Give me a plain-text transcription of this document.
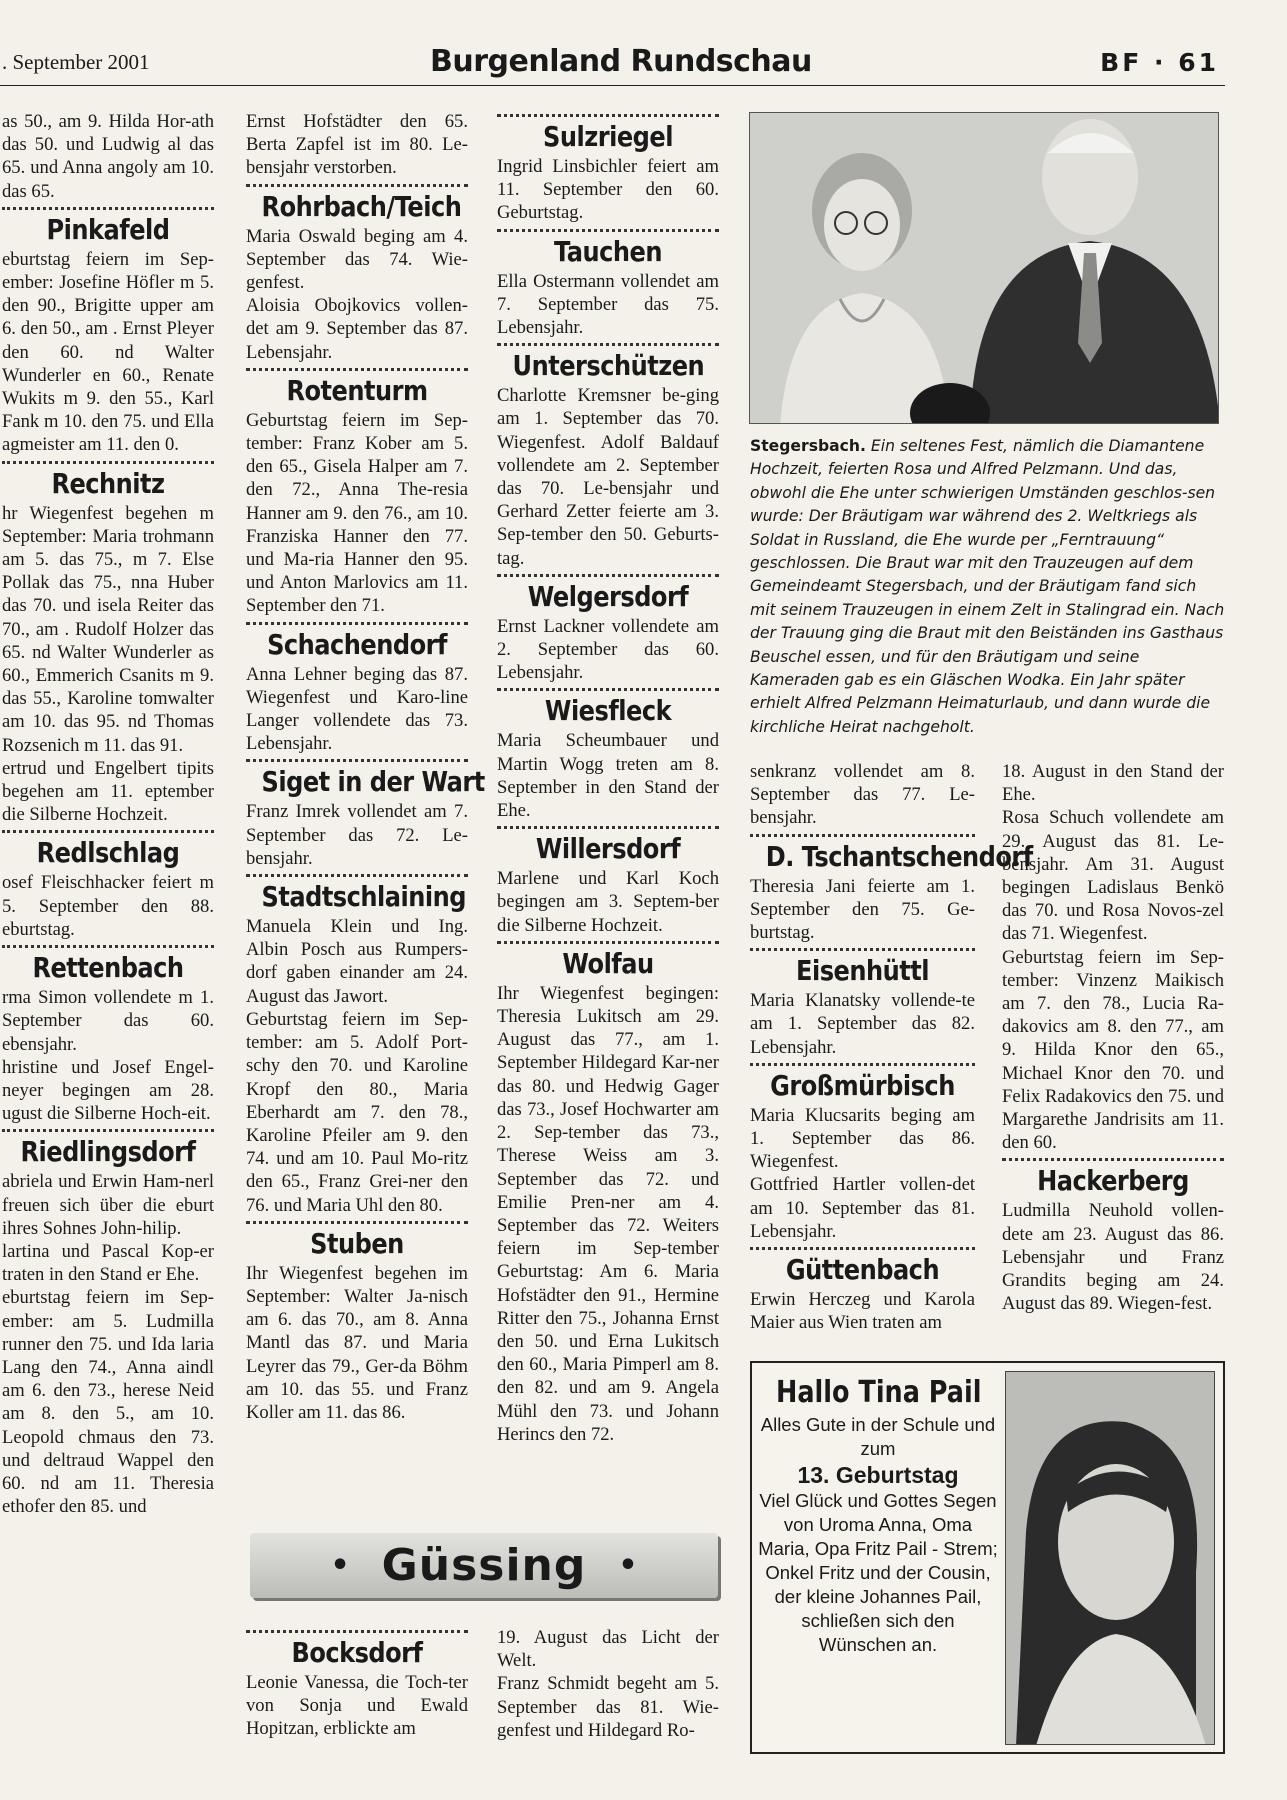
. September 2001	Burgenland Rundschau	BF · 61

as 50., am 9. Hilda Hor-ath das 50. und Ludwig al das 65. und Anna angoly am 10. das 65.

Pinkafeld

eburtstag feiern im Sep-ember: Josefine Höfler m 5. den 90., Brigitte upper am 6. den 50., am . Ernst Pleyer den 60. nd Walter Wunderler en 60., Renate Wukits m 9. den 55., Karl Fank m 10. den 75. und Ella agmeister am 11. den 0.

Rechnitz

hr Wiegenfest begehen m September: Maria trohmann am 5. das 75., m 7. Else Pollak das 75., nna Huber das 70. und isela Reiter das 70., am . Rudolf Holzer das 65. nd Walter Wunderler as 60., Emmerich Csanits m 9. das 55., Karoline tomwalter am 10. das 95. nd Thomas Rozsenich m 11. das 91.

ertrud und Engelbert tipits begehen am 11. eptember die Silberne Hochzeit.

Redlschlag

osef Fleischhacker feiert m 5. September den 88. eburtstag.

Rettenbach

rma Simon vollendete m 1. September das 60. ebensjahr.

hristine und Josef Engel-neyer begingen am 28. ugust die Silberne Hoch-eit.

Riedlingsdorf

abriela und Erwin Ham-nerl freuen sich über die eburt ihres Sohnes John-hilip.

lartina und Pascal Kop-er traten in den Stand er Ehe.

eburtstag feiern im Sep-ember: am 5. Ludmilla runner den 75. und Ida laria Lang den 74., Anna aindl am 6. den 73., herese Neid am 8. den 5., am 10. Leopold chmaus den 73. und deltraud Wappel den 60. nd am 11. Theresia ethofer den 85. und

Ernst Hofstädter den 65. Berta Zapfel ist im 80. Le-bensjahr verstorben.

Rohrbach/Teich

Maria Oswald beging am 4. September das 74. Wie-genfest.

Aloisia Obojkovics vollen-det am 9. September das 87. Lebensjahr.

Rotenturm

Geburtstag feiern im Sep-tember: Franz Kober am 5. den 65., Gisela Halper am 7. den 72., Anna The-resia Hanner am 9. den 76., am 10. Franziska Hanner den 77. und Ma-ria Hanner den 95. und Anton Marlovics am 11. September den 71.

Schachendorf

Anna Lehner beging das 87. Wiegenfest und Karo-line Langer vollendete das 73. Lebensjahr.

Siget in der Wart

Franz Imrek vollendet am 7. September das 72. Le-bensjahr.

Stadtschlaining

Manuela Klein und Ing. Albin Posch aus Rumpers-dorf gaben einander am 24. August das Jawort.

Geburtstag feiern im Sep-tember: am 5. Adolf Port-schy den 70. und Karoline Kropf den 80., Maria Eberhardt am 7. den 78., Karoline Pfeiler am 9. den 74. und am 10. Paul Mo-ritz den 65., Franz Grei-ner den 76. und Maria Uhl den 80.

Stuben

Ihr Wiegenfest begehen im September: Walter Ja-nisch am 6. das 70., am 8. Anna Mantl das 87. und Maria Leyrer das 79., Ger-da Böhm am 10. das 55. und Franz Koller am 11. das 86.

Sulzriegel

Ingrid Linsbichler feiert am 11. September den 60. Geburtstag.

Tauchen

Ella Ostermann vollendet am 7. September das 75. Lebensjahr.

Unterschützen

Charlotte Kremsner be-ging am 1. September das 70. Wiegenfest. Adolf Baldauf vollendete am 2. September das 70. Le-bensjahr und Gerhard Zetter feierte am 3. Sep-tember den 50. Geburts-tag.

Welgersdorf

Ernst Lackner vollendete am 2. September das 60. Lebensjahr.

Wiesfleck

Maria Scheumbauer und Martin Wogg treten am 8. September in den Stand der Ehe.

Willersdorf

Marlene und Karl Koch begingen am 3. Septem-ber die Silberne Hochzeit.

Wolfau

Ihr Wiegenfest begingen: Theresia Lukitsch am 29. August das 77., am 1. September Hildegard Kar-ner das 80. und Hedwig Gager das 73., Josef Hochwarter am 2. Sep-tember das 73., Therese Weiss am 3. September das 72. und Emilie Pren-ner am 4. September das 72. Weiters feiern im Sep-tember Geburtstag: Am 6. Maria Hofstädter den 91., Hermine Ritter den 75., Johanna Ernst den 50. und Erna Lukitsch den 60., Maria Pimperl am 8. den 82. und am 9. Angela Mühl den 73. und Johann Herincs den 72.

senkranz vollendet am 8. September das 77. Le-bensjahr.

D. Tschantschendorf

Theresia Jani feierte am 1. September den 75. Ge-burtstag.

Eisenhüttl

Maria Klanatsky vollende-te am 1. September das 82. Lebensjahr.

Großmürbisch

Maria Klucsarits beging am 1. September das 86. Wiegenfest.

Gottfried Hartler vollen-det am 10. September das 81. Lebensjahr.

Güttenbach

Erwin Herczeg und Karola Maier aus Wien traten am

18. August in den Stand der Ehe.

Rosa Schuch vollendete am 29. August das 81. Le-bensjahr. Am 31. August begingen Ladislaus Benkö das 70. und Rosa Novos-zel das 71. Wiegenfest.

Geburtstag feiern im Sep-tember: Vinzenz Maikisch am 7. den 78., Lucia Ra-dakovics am 8. den 77., am 9. Hilda Knor den 65., Michael Knor den 70. und Felix Radakovics den 75. und Margarethe Jandrisits am 11. den 60.

Hackerberg

Ludmilla Neuhold vollen-dete am 23. August das 86. Lebensjahr und Franz Grandits beging am 24. August das 89. Wiegen-fest.

Bocksdorf

Leonie Vanessa, die Toch-ter von Sonja und Ewald Hopitzan, erblickte am

19. August das Licht der Welt.

Franz Schmidt begeht am 5. September das 81. Wie-genfest und Hildegard Ro-

Stegersbach. Ein seltenes Fest, nämlich die Diamantene Hochzeit, feierten Rosa und Alfred Pelzmann. Und das, obwohl die Ehe unter schwierigen Umständen geschlos-sen wurde: Der Bräutigam war während des 2. Weltkriegs als Soldat in Russland, die Ehe wurde per „Ferntrauung“ geschlossen. Die Braut war mit den Trauzeugen auf dem Gemeindeamt Stegersbach, und der Bräutigam fand sich mit seinem Trauzeugen in einem Zelt in Stalingrad ein. Nach der Trauung ging die Braut mit den Beiständen ins Gasthaus Beuschel essen, und für den Bräutigam und seine Kameraden gab es ein Gläschen Wodka. Ein Jahr später erhielt Alfred Pelzmann Heimaturlaub, und dann wurde die kirchliche Heirat nachgeholt.
• Güssing •
Hallo Tina Pail
Alles Gute in der Schule und zum
13. Geburtstag
Viel Glück und Gottes Segen von Uroma Anna, Oma Maria, Opa Fritz Pail - Strem; Onkel Fritz und der Cousin, der kleine Johannes Pail, schließen sich den Wünschen an.
